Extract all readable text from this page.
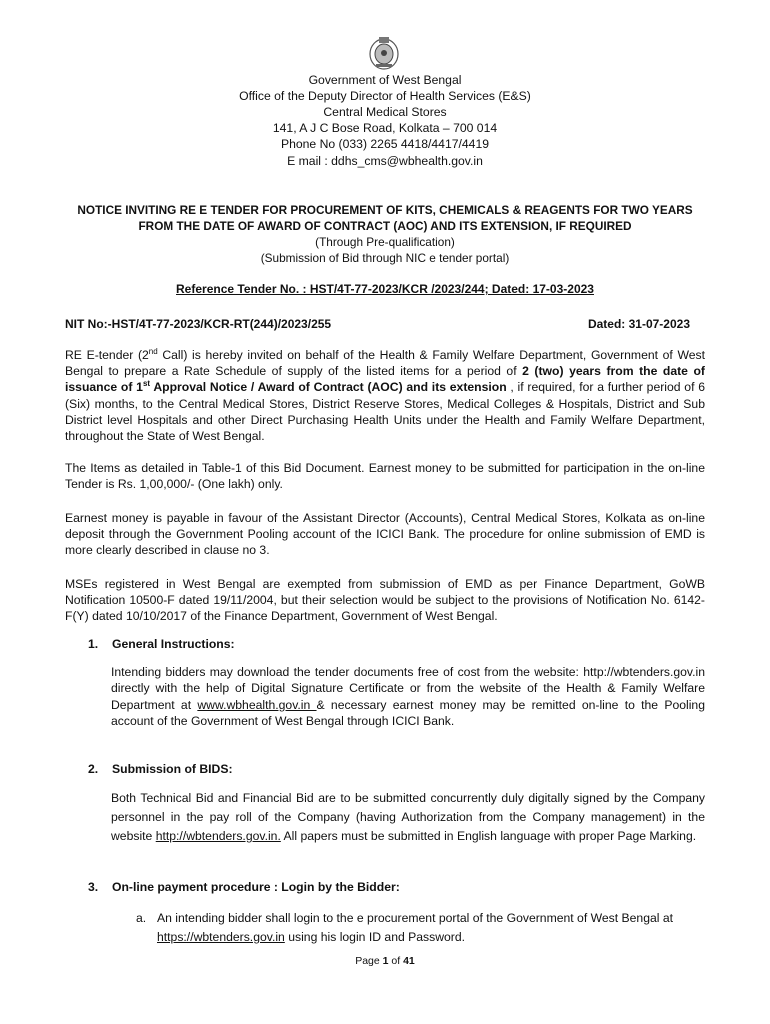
Government of West Bengal
Office of the Deputy Director of Health Services (E&S)
Central Medical Stores
141, A J C Bose Road, Kolkata – 700 014
Phone No (033) 2265 4418/4417/4419
E mail : ddhs_cms@wbhealth.gov.in
NOTICE INVITING RE E TENDER FOR PROCUREMENT OF KITS, CHEMICALS & REAGENTS FOR TWO YEARS
FROM THE DATE OF AWARD OF CONTRACT (AOC) AND ITS EXTENSION, IF REQUIRED
(Through Pre-qualification)
(Submission of Bid through NIC e tender portal)
Reference Tender No. : HST/4T-77-2023/KCR /2023/244; Dated: 17-03-2023
NIT No:-HST/4T-77-2023/KCR-RT(244)/2023/255	Dated: 31-07-2023
RE E-tender (2nd Call) is hereby invited on behalf of the Health & Family Welfare Department, Government of West Bengal to prepare a Rate Schedule of supply of the listed items for a period of 2 (two) years from the date of issuance of 1st Approval Notice / Award of Contract (AOC) and its extension , if required, for a further period of 6 (Six) months, to the Central Medical Stores, District Reserve Stores, Medical Colleges & Hospitals, District and Sub District level Hospitals and other Direct Purchasing Health Units under the Health and Family Welfare Department, throughout the State of West Bengal.
The Items as detailed in Table-1 of this Bid Document. Earnest money to be submitted for participation in the on-line Tender is Rs. 1,00,000/- (One lakh) only.
Earnest money is payable in favour of the Assistant Director (Accounts), Central Medical Stores, Kolkata as on-line deposit through the Government Pooling account of the ICICI Bank. The procedure for online submission of EMD is more clearly described in clause no 3.
MSEs registered in West Bengal are exempted from submission of EMD as per Finance Department, GoWB Notification 10500-F dated 19/11/2004, but their selection would be subject to the provisions of Notification No. 6142-F(Y) dated 10/10/2017 of the Finance Department, Government of West Bengal.
1. General Instructions:
Intending bidders may download the tender documents free of cost from the website: http://wbtenders.gov.in directly with the help of Digital Signature Certificate or from the website of the Health & Family Welfare Department at www.wbhealth.gov.in & necessary earnest money may be remitted on-line to the Pooling account of the Government of West Bengal through ICICI Bank.
2. Submission of BIDS:
Both Technical Bid and Financial Bid are to be submitted concurrently duly digitally signed by the Company personnel in the pay roll of the Company (having Authorization from the Company management) in the website http://wbtenders.gov.in. All papers must be submitted in English language with proper Page Marking.
3. On-line payment procedure : Login by the Bidder:
a. An intending bidder shall login to the e procurement portal of the Government of West Bengal at https://wbtenders.gov.in using his login ID and Password.
Page 1 of 41
